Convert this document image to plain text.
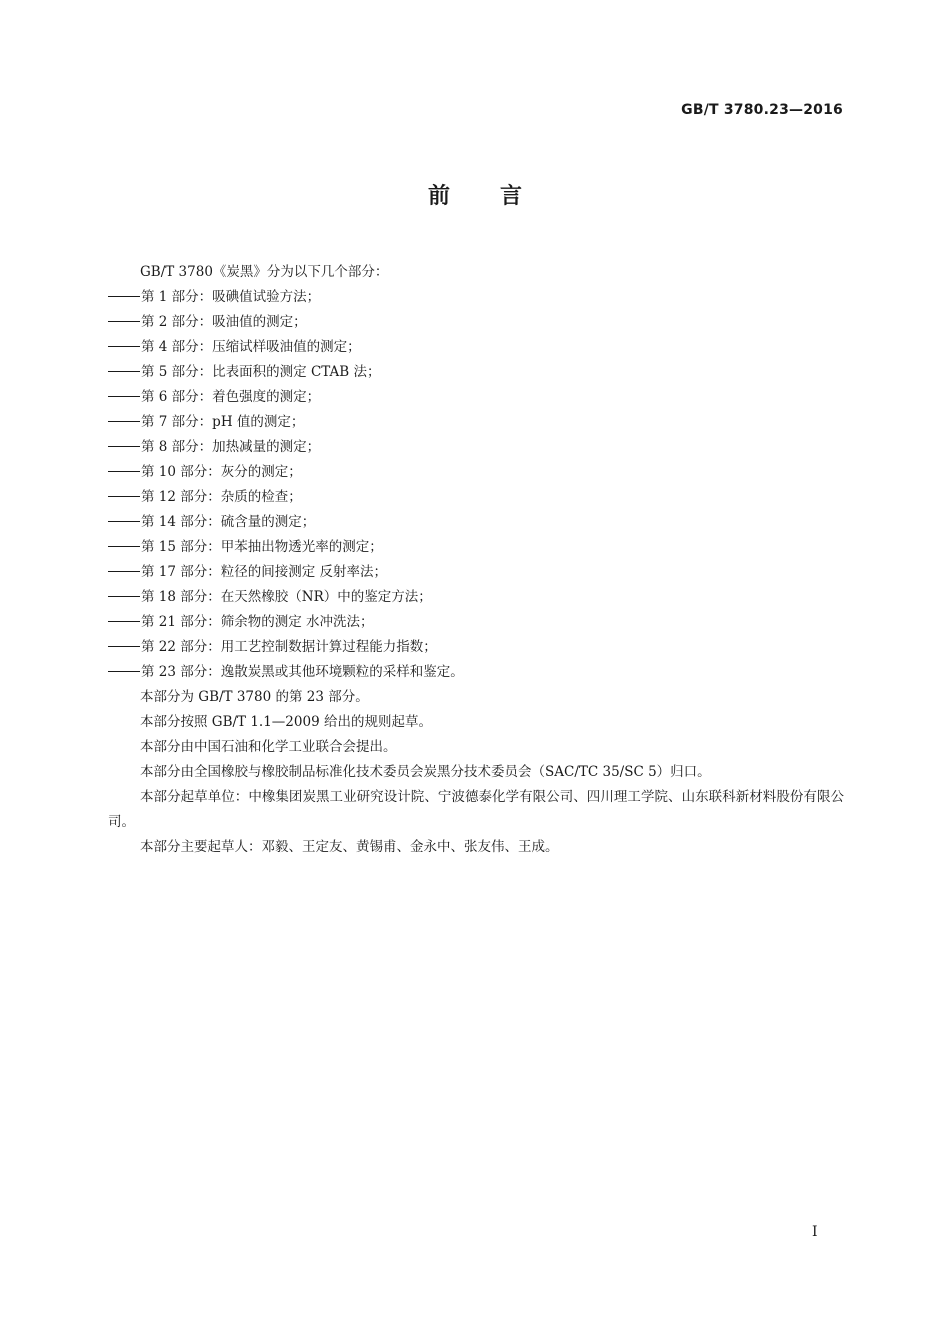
GB/T 3780.23—2016
前言

GB/T 3780《炭黑》分为以下几个部分：

第 1 部分：吸碘值试验方法；

第 2 部分：吸油值的测定；

第 4 部分：压缩试样吸油值的测定；

第 5 部分：比表面积的测定 CTAB 法；

第 6 部分：着色强度的测定；

第 7 部分：pH 值的测定；

第 8 部分：加热减量的测定；

第 10 部分：灰分的测定；

第 12 部分：杂质的检查；

第 14 部分：硫含量的测定；

第 15 部分：甲苯抽出物透光率的测定；

第 17 部分：粒径的间接测定 反射率法；

第 18 部分：在天然橡胶（NR）中的鉴定方法；

第 21 部分：筛余物的测定 水冲洗法；

第 22 部分：用工艺控制数据计算过程能力指数；

第 23 部分：逸散炭黑或其他环境颗粒的采样和鉴定。

本部分为 GB/T 3780 的第 23 部分。

本部分按照 GB/T 1.1—2009 给出的规则起草。

本部分由中国石油和化学工业联合会提出。

本部分由全国橡胶与橡胶制品标准化技术委员会炭黑分技术委员会（SAC/TC 35/SC 5）归口。

本部分起草单位：中橡集团炭黑工业研究设计院、宁波德泰化学有限公司、四川理工学院、山东联科新材料股份有限公司。

本部分主要起草人：邓毅、王定友、黄锡甫、金永中、张友伟、王成。

I
